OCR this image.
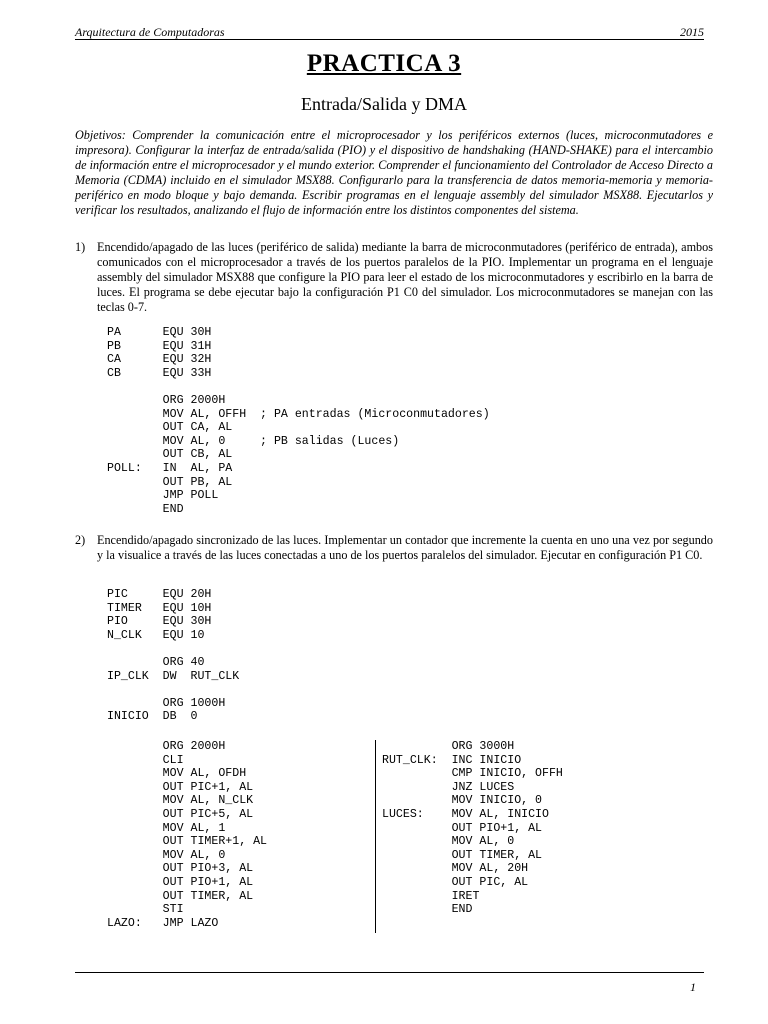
Arquitectura de Computadoras	2015
PRACTICA 3
Entrada/Salida y DMA

Objetivos: Comprender la comunicación entre el microprocesador y los periféricos externos (luces, microconmutadores e impresora). Configurar la interfaz de entrada/salida (PIO) y el dispositivo de handshaking (HAND-SHAKE) para el intercambio de información entre el microprocesador y el mundo exterior. Comprender el funcionamiento del Controlador de Acceso Directo a Memoria (CDMA) incluido en el simulador MSX88. Configurarlo para la transferencia de datos memoria-memoria y memoria-periférico en modo bloque y bajo demanda. Escribir programas en el lenguaje assembly del simulador MSX88. Ejecutarlos y verificar los resultados, analizando el flujo de información entre los distintos componentes del sistema.

1) Encendido/apagado de las luces (periférico de salida) mediante la barra de microconmutadores (periférico de entrada), ambos comunicados con el microprocesador a través de los puertos paralelos de la PIO. Implementar un programa en el lenguaje assembly del simulador MSX88 que configure la PIO para leer el estado de los microconmutadores y escribirlo en la barra de luces. El programa se debe ejecutar bajo la configuración P1 C0 del simulador. Los microconmutadores se manejan con las teclas 0-7.

PA      EQU 30H
PB      EQU 31H
CA      EQU 32H
CB      EQU 33H

ORG 2000H
MOV AL, OFFH  ; PA entradas (Microconmutadores)
OUT CA, AL
MOV AL, 0     ; PB salidas (Luces)
OUT CB, AL
POLL:   IN  AL, PA
OUT PB, AL
JMP POLL
END
2) Encendido/apagado sincronizado de las luces. Implementar un contador que incremente la cuenta en uno una vez por segundo y la visualice a través de las luces conectadas a uno de los puertos paralelos del simulador. Ejecutar en configuración P1 C0.

PIC     EQU 20H
TIMER   EQU 10H
PIO     EQU 30H
N_CLK   EQU 10

ORG 40
IP_CLK  DW  RUT_CLK

ORG 1000H
INICIO  DB  0
ORG 2000H
CLI
MOV AL, OFDH
OUT PIC+1, AL
MOV AL, N_CLK
OUT PIC+5, AL
MOV AL, 1
OUT TIMER+1, AL
MOV AL, 0
OUT PIO+3, AL
OUT PIO+1, AL
OUT TIMER, AL
STI
LAZO:   JMP LAZO
ORG 3000H
RUT_CLK:  INC INICIO
CMP INICIO, OFFH
JNZ LUCES
MOV INICIO, 0
LUCES:    MOV AL, INICIO
OUT PIO+1, AL
MOV AL, 0
OUT TIMER, AL
MOV AL, 20H
OUT PIC, AL
IRET
END
1
